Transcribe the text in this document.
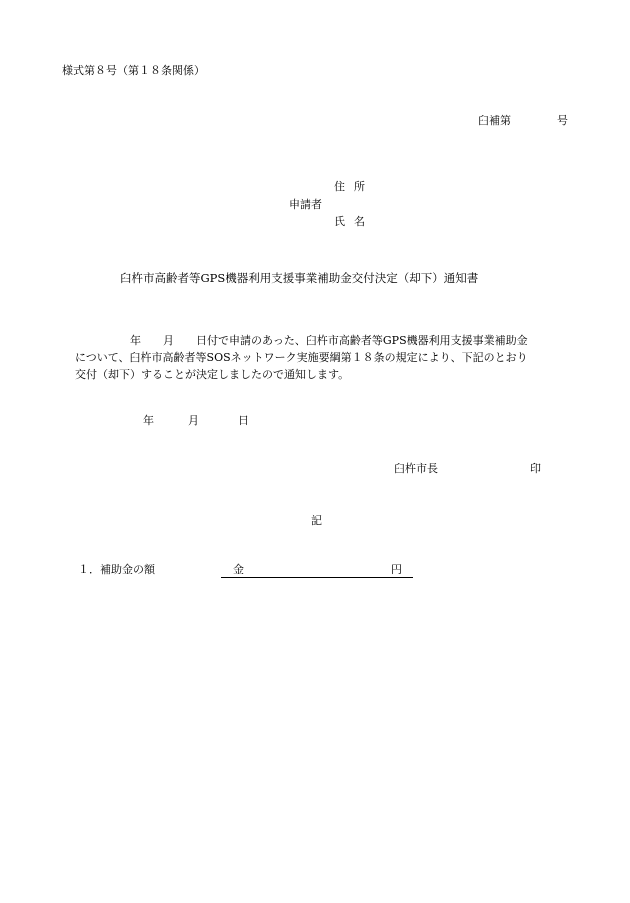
様式第８号（第１８条関係）
臼補第	号
住所
申請者
氏名
臼杵市高齢者等GPS機器利用支援事業補助金交付決定（却下）通知書
　　　　　年　　月　　日付で申請のあった、臼杵市高齢者等GPS機器利用支援事業補助金
について、臼杵市高齢者等SOSネットワーク実施要綱第１８条の規定により、下記のとおり
交付（却下）することが決定しましたので通知します。
年	月	日
臼杵市長	印
記
１．補助金の額	金	円
